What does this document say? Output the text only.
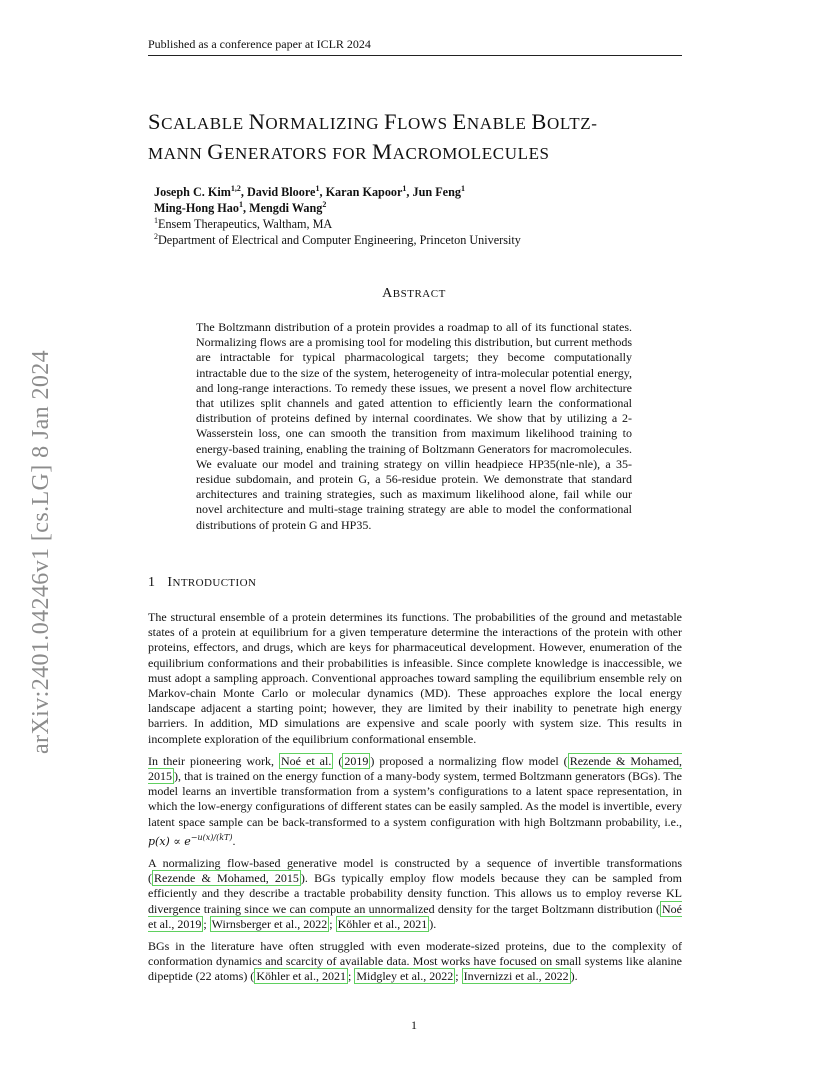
Published as a conference paper at ICLR 2024
arXiv:2401.04246v1 [cs.LG] 8 Jan 2024
SCALABLE NORMALIZING FLOWS ENABLE BOLTZ-
MANN GENERATORS FOR MACROMOLECULES
Joseph C. Kim$^{1,2}$, David Bloore$^1$, Karan Kapoor$^1$, Jun Feng$^1$
Ming-Hong Hao$^1$, Mengdi Wang$^2$
$^1$Ensem Therapeutics, Waltham, MA
$^2$Department of Electrical and Computer Engineering, Princeton University
ABSTRACT

The Boltzmann distribution of a protein provides a roadmap to all of its functional states. Normalizing flows are a promising tool for modeling this distribution, but current methods are intractable for typical pharmacological targets; they become computationally intractable due to the size of the system, heterogeneity of intra-molecular potential energy, and long-range interactions. To remedy these issues, we present a novel flow architecture that utilizes split channels and gated attention to efficiently learn the conformational distribution of proteins defined by internal coordinates. We show that by utilizing a 2-Wasserstein loss, one can smooth the transition from maximum likelihood training to energy-based training, enabling the training of Boltzmann Generators for macromolecules. We evaluate our model and training strategy on villin headpiece HP35(nle-nle), a 35-residue subdomain, and protein G, a 56-residue protein. We demonstrate that standard architectures and training strategies, such as maximum likelihood alone, fail while our novel architecture and multi-stage training strategy are able to model the conformational distributions of protein G and HP35.

1 INTRODUCTION

The structural ensemble of a protein determines its functions. The probabilities of the ground and metastable states of a protein at equilibrium for a given temperature determine the interactions of the protein with other proteins, effectors, and drugs, which are keys for pharmaceutical development. However, enumeration of the equilibrium conformations and their probabilities is infeasible. Since complete knowledge is inaccessible, we must adopt a sampling approach. Conventional approaches toward sampling the equilibrium ensemble rely on Markov-chain Monte Carlo or molecular dynamics (MD). These approaches explore the local energy landscape adjacent a starting point; however, they are limited by their inability to penetrate high energy barriers. In addition, MD simulations are expensive and scale poorly with system size. This results in incomplete exploration of the equilibrium conformational ensemble.

In their pioneering work, Noé et al. ( 2019 ) proposed a normalizing flow model ( Rezende & Mohamed, 2015 ), that is trained on the energy function of a many-body system, termed Boltzmann generators (BGs). The model learns an invertible transformation from a system’s configurations to a latent space representation, in which the low-energy configurations of different states can be easily sampled. As the model is invertible, every latent space sample can be back-transformed to a system configuration with high Boltzmann probability, i.e., $p(x) \propto e^{-u(x)/(kT)}$.

A normalizing flow-based generative model is constructed by a sequence of invertible transformations ( Rezende & Mohamed, 2015 ). BGs typically employ flow models because they can be sampled from efficiently and they describe a tractable probability density function. This allows us to employ reverse KL divergence training since we can compute an unnormalized density for the target Boltzmann distribution ( Noé et al., 2019 ; Wirnsberger et al., 2022 ; Köhler et al., 2021 ).

BGs in the literature have often struggled with even moderate-sized proteins, due to the complexity of conformation dynamics and scarcity of available data. Most works have focused on small systems like alanine dipeptide (22 atoms) ( Köhler et al., 2021 ; Midgley et al., 2022 ; Invernizzi et al., 2022 ).

1
